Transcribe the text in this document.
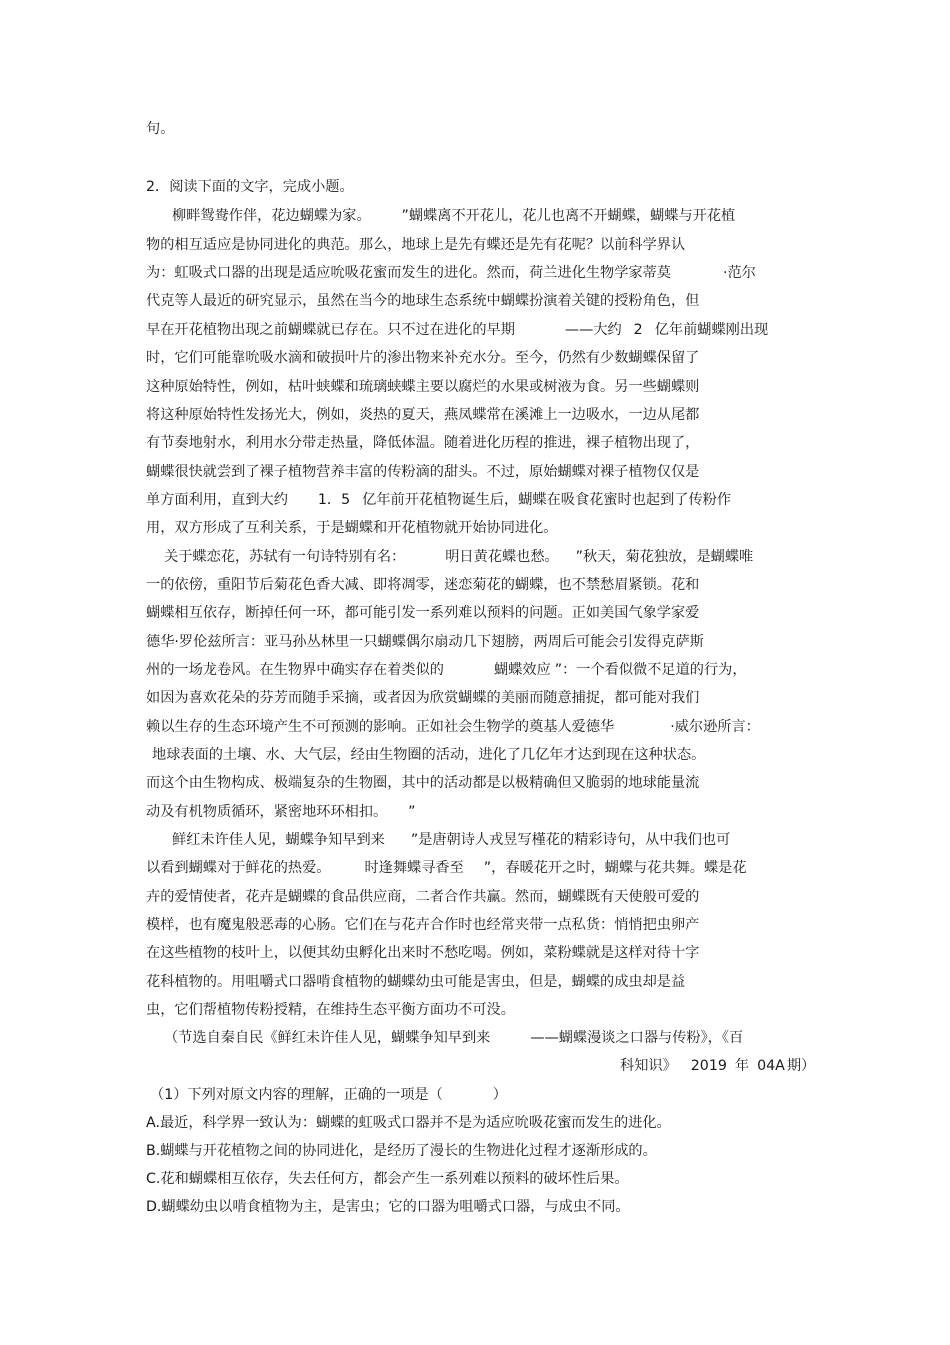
句。
2．阅读下面的文字，完成小题。
柳畔鸳鸯作伴，花边蝴蝶为家。	”蝴蝶离不开花儿，花儿也离不开蝴蝶，蝴蝶与开花植
物的相互适应是协同进化的典范。那么，地球上是先有蝶还是先有花呢？以前科学界认
为：虹吸式口器的出现是适应吮吸花蜜而发生的进化。然而，荷兰进化生物学家蒂莫	·范尔
代克等人最近的研究显示，虽然在当今的地球生态系统中蝴蝶扮演着关键的授粉角色，但
早在开花植物出现之前蝴蝶就已存在。只不过在进化的早期	——大约 2 亿年前蝴蝶刚出现
时，它们可能靠吮吸水滴和破损叶片的渗出物来补充水分。至今，仍然有少数蝴蝶保留了
这种原始特性，例如，枯叶蛱蝶和琉璃蛱蝶主要以腐烂的水果或树液为食。另一些蝴蝶则
将这种原始特性发扬光大，例如，炎热的夏天，燕凤蝶常在溪滩上一边吸水，一边从尾都
有节奏地射水，利用水分带走热量，降低体温。随着进化历程的推进，裸子植物出现了，
蝴蝶很快就尝到了裸子植物营养丰富的传粉滴的甜头。不过，原始蝴蝶对裸子植物仅仅是
单方面利用，直到大约 1．5 亿年前开花植物诞生后，蝴蝶在吸食花蜜时也起到了传粉作
用，双方形成了互利关系，于是蝴蝶和开花植物就开始协同进化。
关于蝶恋花，苏轼有一句诗特别有名：	明日黄花蝶也愁。 ”秋天，菊花独放，是蝴蝶唯
一的依傍，重阳节后菊花色香大减、即将凋零，迷恋菊花的蝴蝶，也不禁愁眉紧锁。花和
蝴蝶相互依存，断掉任何一环，都可能引发一系列难以预料的问题。正如美国气象学家爱
德华·罗伦兹所言：亚马孙丛林里一只蝴蝶偶尔扇动几下翅膀，两周后可能会引发得克萨斯
州的一场龙卷风。在生物界中确实存在着类似的	蝴蝶效应 ”：一个看似微不足道的行为，
如因为喜欢花朵的芬芳而随手采摘，或者因为欣赏蝴蝶的美丽而随意捕捉，都可能对我们
赖以生存的生态环境产生不可预测的影响。正如社会生物学的奠基人爱德华	·威尔逊所言：
地球表面的土壤、水、大气层，经由生物圈的活动，进化了几亿年才达到现在这种状态。
而这个由生物构成、极端复杂的生物圈，其中的活动都是以极精确但又脆弱的地球能量流
动及有机物质循环，紧密地环环相扣。 ”
鲜红未许佳人见，蝴蝶争知早到来 ”是唐朝诗人戎昱写槿花的精彩诗句，从中我们也可
以看到蝴蝶对于鲜花的热爱。 时逢舞蝶寻香至 ”，春暖花开之时，蝴蝶与花共舞。蝶是花
卉的爱情使者，花卉是蝴蝶的食品供应商，二者合作共赢。然而，蝴蝶既有天使般可爱的
模样，也有魔鬼般恶毒的心肠。它们在与花卉合作时也经常夹带一点私货：悄悄把虫卵产
在这些植物的枝叶上，以便其幼虫孵化出来时不愁吃喝。例如，菜粉蝶就是这样对待十字
花科植物的。用咀嚼式口器啃食植物的蝴蝶幼虫可能是害虫，但是，蝴蝶的成虫却是益
虫，它们帮植物传粉授精，在维持生态平衡方面功不可没。
（节选自秦自民《鲜红未许佳人见，蝴蝶争知早到来	——蝴蝶漫谈之口器与传粉》，《百
科知识》 2019 年 04A 期）
（1）下列对原文内容的理解，正确的一项是（	）
A.最近，科学界一致认为：蝴蝶的虹吸式口器并不是为适应吮吸花蜜而发生的进化。
B.蝴蝶与开花植物之间的协同进化，是经历了漫长的生物进化过程才逐渐形成的。
C.花和蝴蝶相互依存，失去任何方，都会产生一系列难以预料的破坏性后果。
D.蝴蝶幼虫以啃食植物为主，是害虫；它的口器为咀嚼式口器，与成虫不同。
